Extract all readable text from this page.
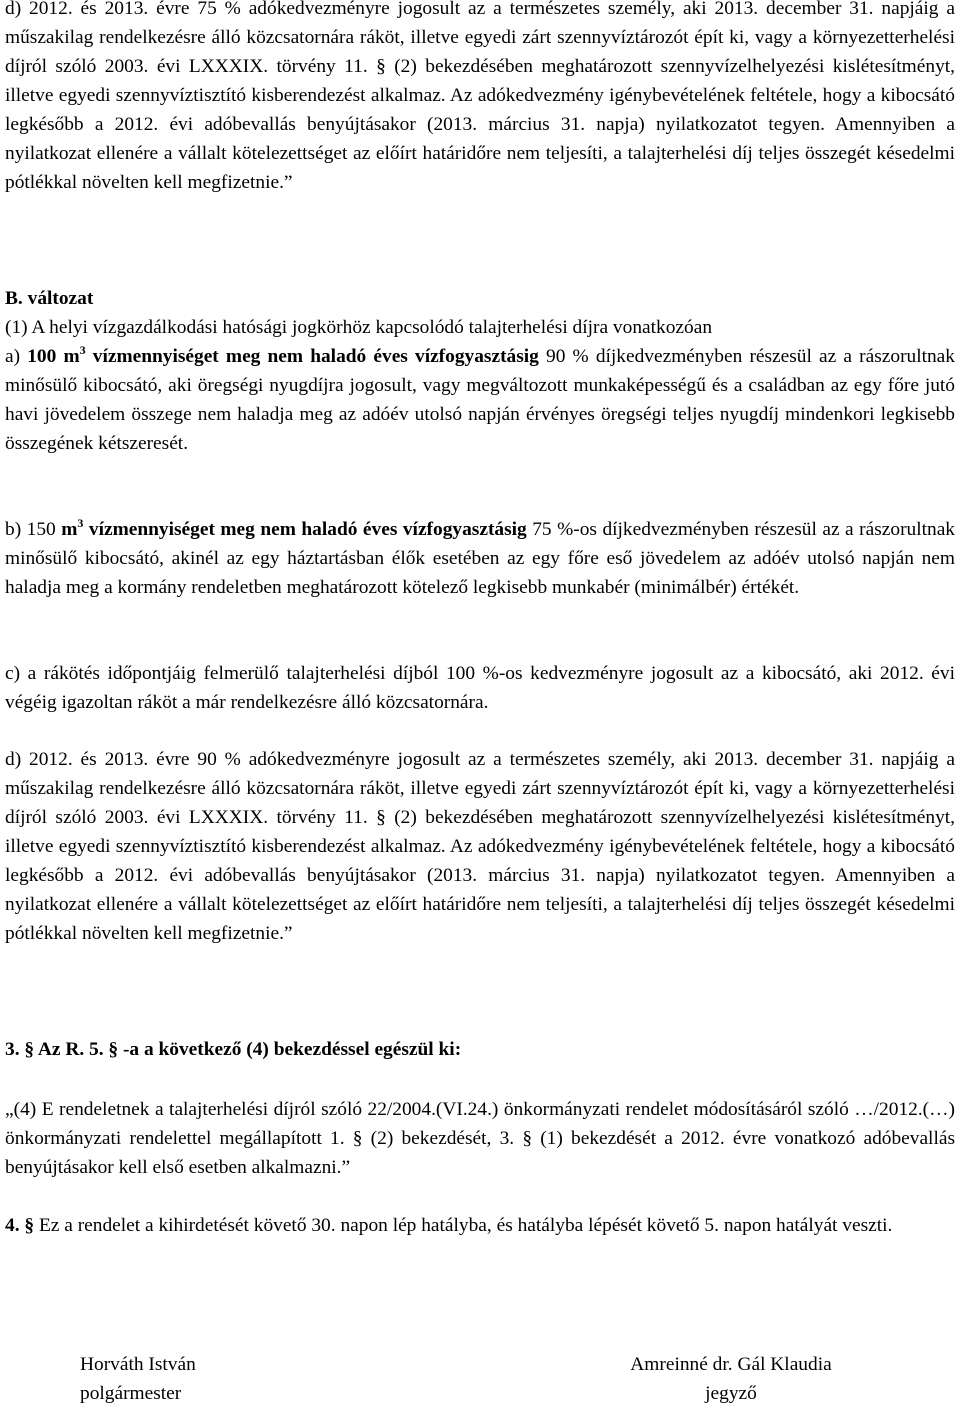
d) 2012. és 2013. évre 75 % adókedvezményre jogosult az a természetes személy, aki 2013. december 31. napjáig a műszakilag rendelkezésre álló közcsatornára ráköt, illetve egyedi zárt szennyvíztározót épít ki, vagy a környezetterhelési díjról szóló 2003. évi LXXXIX. törvény 11. § (2) bekezdésében meghatározott szennyvízelhelyezési kislétesítményt, illetve egyedi szennyvíztisztító kisberendezést alkalmaz. Az adókedvezmény igénybevételének feltétele, hogy a kibocsátó legkésőbb a 2012. évi adóbevallás benyújtásakor (2013. március 31. napja) nyilatkozatot tegyen. Amennyiben a nyilatkozat ellenére a vállalt kötelezettséget az előírt határidőre nem teljesíti, a talajterhelési díj teljes összegét késedelmi pótlékkal növelten kell megfizetnie.”

B. változat
(1) A helyi vízgazdálkodási hatósági jogkörhöz kapcsolódó talajterhelési díjra vonatkozóan
a) 100 $m^3$ vízmennyiséget meg nem haladó éves vízfogyasztásig 90 % díjkedvezményben részesül az a rászorultnak minősülő kibocsátó, aki öregségi nyugdíjra jogosult, vagy megváltozott munkaképességű és a családban az egy főre jutó havi jövedelem összege nem haladja meg az adóév utolsó napján érvényes öregségi teljes nyugdíj mindenkori legkisebb összegének kétszeresét.

b) 150 $m^3$ vízmennyiséget meg nem haladó éves vízfogyasztásig 75 %-os díjkedvezményben részesül az a rászorultnak minősülő kibocsátó, akinél az egy háztartásban élők esetében az egy főre eső jövedelem az adóév utolsó napján nem haladja meg a kormány rendeletben meghatározott kötelező legkisebb munkabér (minimálbér) értékét.

c) a rákötés időpontjáig felmerülő talajterhelési díjból 100 %-os kedvezményre jogosult az a kibocsátó, aki 2012. évi végéig igazoltan ráköt a már rendelkezésre álló közcsatornára.

d) 2012. és 2013. évre 90 % adókedvezményre jogosult az a természetes személy, aki 2013. december 31. napjáig a műszakilag rendelkezésre álló közcsatornára ráköt, illetve egyedi zárt szennyvíztározót épít ki, vagy a környezetterhelési díjról szóló 2003. évi LXXXIX. törvény 11. § (2) bekezdésében meghatározott szennyvízelhelyezési kislétesítményt, illetve egyedi szennyvíztisztító kisberendezést alkalmaz. Az adókedvezmény igénybevételének feltétele, hogy a kibocsátó legkésőbb a 2012. évi adóbevallás benyújtásakor (2013. március 31. napja) nyilatkozatot tegyen. Amennyiben a nyilatkozat ellenére a vállalt kötelezettséget az előírt határidőre nem teljesíti, a talajterhelési díj teljes összegét késedelmi pótlékkal növelten kell megfizetnie.”

3. § Az R. 5. § -a a következő (4) bekezdéssel egészül ki:

„(4) E rendeletnek a talajterhelési díjról szóló 22/2004.(VI.24.) önkormányzati rendelet módosításáról szóló …/2012.(…) önkormányzati rendelettel megállapított 1. § (2) bekezdését, 3. § (1) bekezdését a 2012. évre vonatkozó adóbevallás benyújtásakor kell első esetben alkalmazni.”

4. § Ez a rendelet a kihirdetését követő 30. napon lép hatályba, és hatályba lépését követő 5. napon hatályát veszti.

Horváth István
polgármester
Amreinné dr. Gál Klaudia
jegyző
